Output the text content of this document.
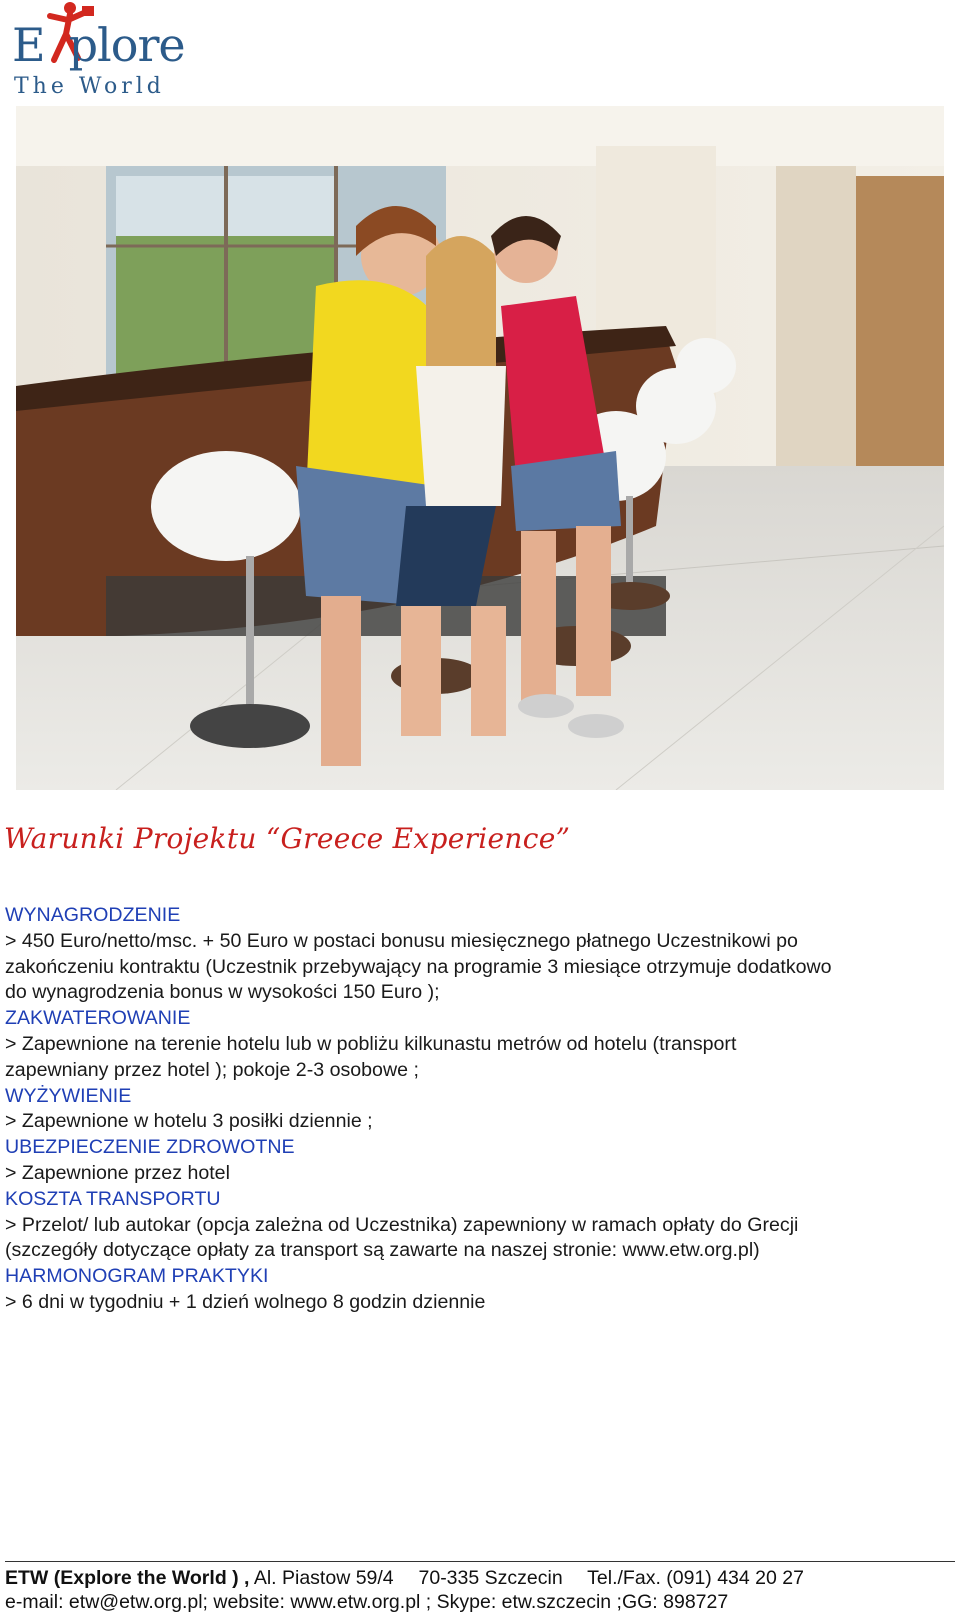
E plore
The World
Warunki Projektu “Greece Experience”

WYNAGRODZENIE

> 450 Euro/netto/msc. + 50 Euro w postaci bonusu miesięcznego płatnego Uczestnikowi po

zakończeniu kontraktu (Uczestnik przebywający na programie 3 miesiące otrzymuje dodatkowo

do wynagrodzenia bonus w wysokości 150 Euro );

ZAKWATEROWANIE

> Zapewnione na terenie hotelu lub w pobliżu kilkunastu metrów od hotelu (transport

zapewniany przez hotel ); pokoje 2-3 osobowe ;

WYŻYWIENIE

> Zapewnione w hotelu 3 posiłki dziennie ;

UBEZPIECZENIE ZDROWOTNE

> Zapewnione przez hotel

KOSZTA TRANSPORTU

> Przelot/ lub autokar (opcja zależna od Uczestnika) zapewniony w ramach opłaty do Grecji

(szczegóły dotyczące opłaty za transport są zawarte na naszej stronie: www.etw.org.pl)

HARMONOGRAM PRAKTYKI

> 6 dni w tygodniu + 1 dzień wolnego 8 godzin dziennie

ETW (Explore the World ) , Al. Piastow 59/4 70-335 Szczecin Tel./Fax. (091) 434 20 27
e-mail: etw@etw.org.pl; website: www.etw.org.pl ; Skype: etw.szczecin ;GG: 898727
